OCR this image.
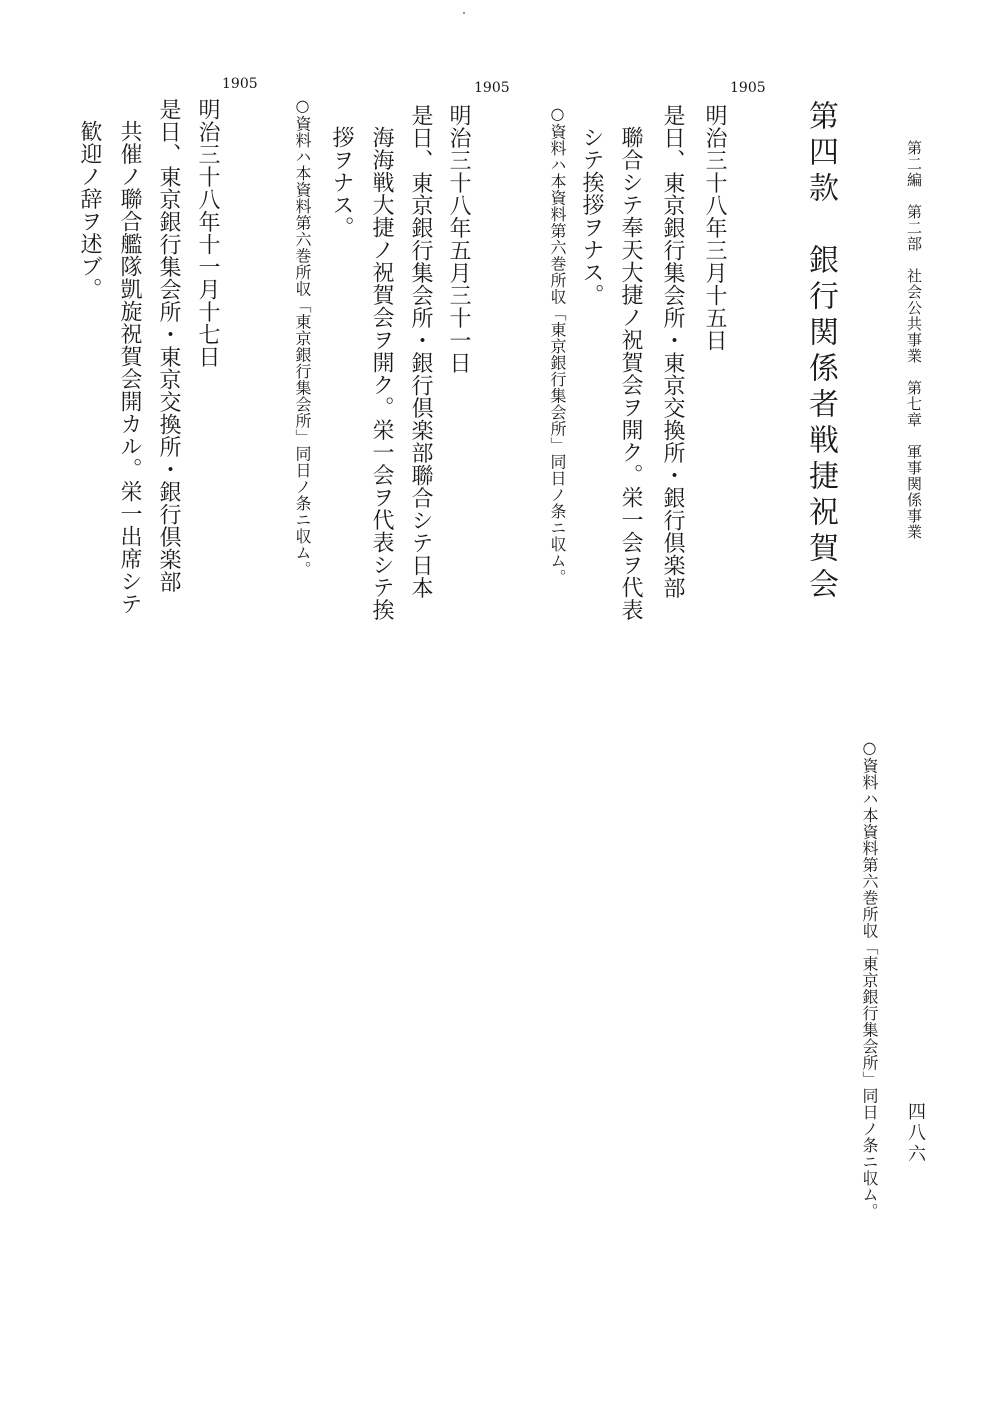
第二編　第二部　社会公共事業　第七章　軍事関係事業
第四款　銀行関係者戦捷祝賀会
1905
明治三十八年三月十五日
是日、東京銀行集会所・東京交換所・銀行倶楽部
聯合シテ奉天大捷ノ祝賀会ヲ開ク。栄一会ヲ代表
シテ挨拶ヲナス。
○資料ハ本資料第六巻所収「東京銀行集会所」同日ノ条ニ収ム。
1905
明治三十八年五月三十一日
是日、東京銀行集会所・銀行倶楽部聯合シテ日本
海海戦大捷ノ祝賀会ヲ開ク。栄一会ヲ代表シテ挨
拶ヲナス。
○資料ハ本資料第六巻所収「東京銀行集会所」同日ノ条ニ収ム。
1905
明治三十八年十一月十七日
是日、東京銀行集会所・東京交換所・銀行倶楽部
共催ノ聯合艦隊凱旋祝賀会開カル。栄一出席シテ
歓迎ノ辞ヲ述ブ。
○資料ハ本資料第六巻所収「東京銀行集会所」同日ノ条ニ収ム。 四八六
